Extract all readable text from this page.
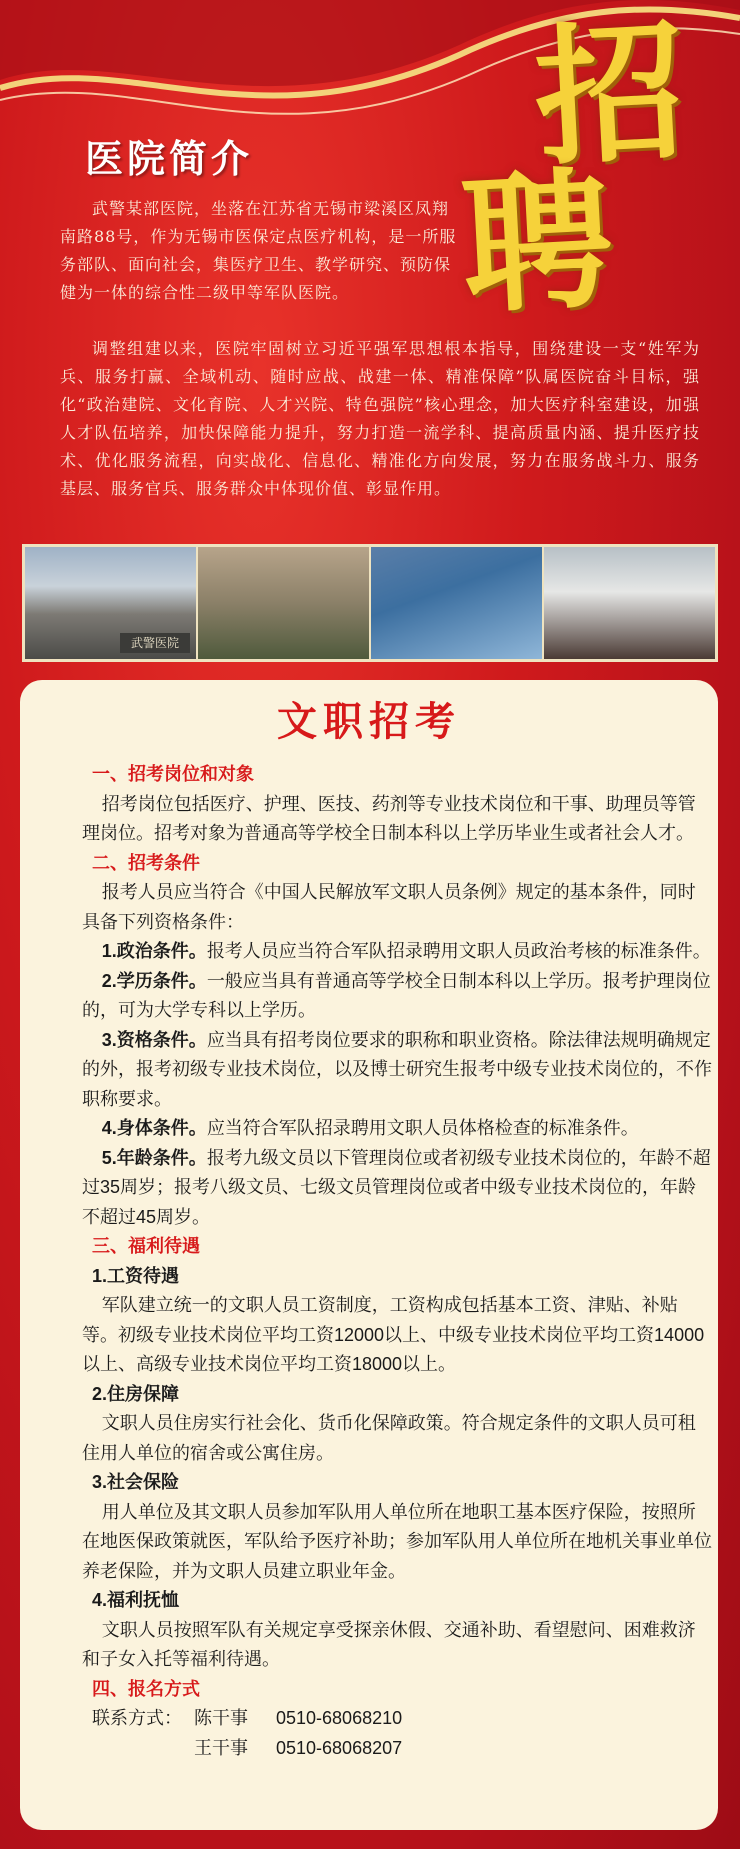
招
聘
医院简介
武警某部医院，坐落在江苏省无锡市梁溪区凤翔南路88号，作为无锡市医保定点医疗机构，是一所服务部队、面向社会，集医疗卫生、教学研究、预防保健为一体的综合性二级甲等军队医院。
调整组建以来，医院牢固树立习近平强军思想根本指导，围绕建设一支“姓军为兵、服务打赢、全域机动、随时应战、战建一体、精准保障”队属医院奋斗目标，强化“政治建院、文化育院、人才兴院、特色强院”核心理念，加大医疗科室建设，加强人才队伍培养，加快保障能力提升，努力打造一流学科、提高质量内涵、提升医疗技术、优化服务流程，向实战化、信息化、精准化方向发展，努力在服务战斗力、服务基层、服务官兵、服务群众中体现价值、彰显作用。
武警医院
文职招考
一、招考岗位和对象
招考岗位包括医疗、护理、医技、药剂等专业技术岗位和干事、助理员等管理岗位。招考对象为普通高等学校全日制本科以上学历毕业生或者社会人才。
二、招考条件
报考人员应当符合《中国人民解放军文职人员条例》规定的基本条件，同时具备下列资格条件：
1.政治条件。报考人员应当符合军队招录聘用文职人员政治考核的标准条件。
2.学历条件。一般应当具有普通高等学校全日制本科以上学历。报考护理岗位的，可为大学专科以上学历。
3.资格条件。应当具有招考岗位要求的职称和职业资格。除法律法规明确规定的外，报考初级专业技术岗位，以及博士研究生报考中级专业技术岗位的，不作职称要求。
4.身体条件。应当符合军队招录聘用文职人员体格检查的标准条件。
5.年龄条件。报考九级文员以下管理岗位或者初级专业技术岗位的，年龄不超过35周岁；报考八级文员、七级文员管理岗位或者中级专业技术岗位的，年龄不超过45周岁。
三、福利待遇
1.工资待遇
军队建立统一的文职人员工资制度，工资构成包括基本工资、津贴、补贴等。初级专业技术岗位平均工资12000以上、中级专业技术岗位平均工资14000以上、高级专业技术岗位平均工资18000以上。
2.住房保障
文职人员住房实行社会化、货币化保障政策。符合规定条件的文职人员可租住用人单位的宿舍或公寓住房。
3.社会保险
用人单位及其文职人员参加军队用人单位所在地职工基本医疗保险，按照所在地医保政策就医，军队给予医疗补助；参加军队用人单位所在地机关事业单位养老保险，并为文职人员建立职业年金。
4.福利抚恤
文职人员按照军队有关规定享受探亲休假、交通补助、看望慰问、困难救济和子女入托等福利待遇。
四、报名方式
联系方式： 陈干事	0510-68068210
王干事	0510-68068207
